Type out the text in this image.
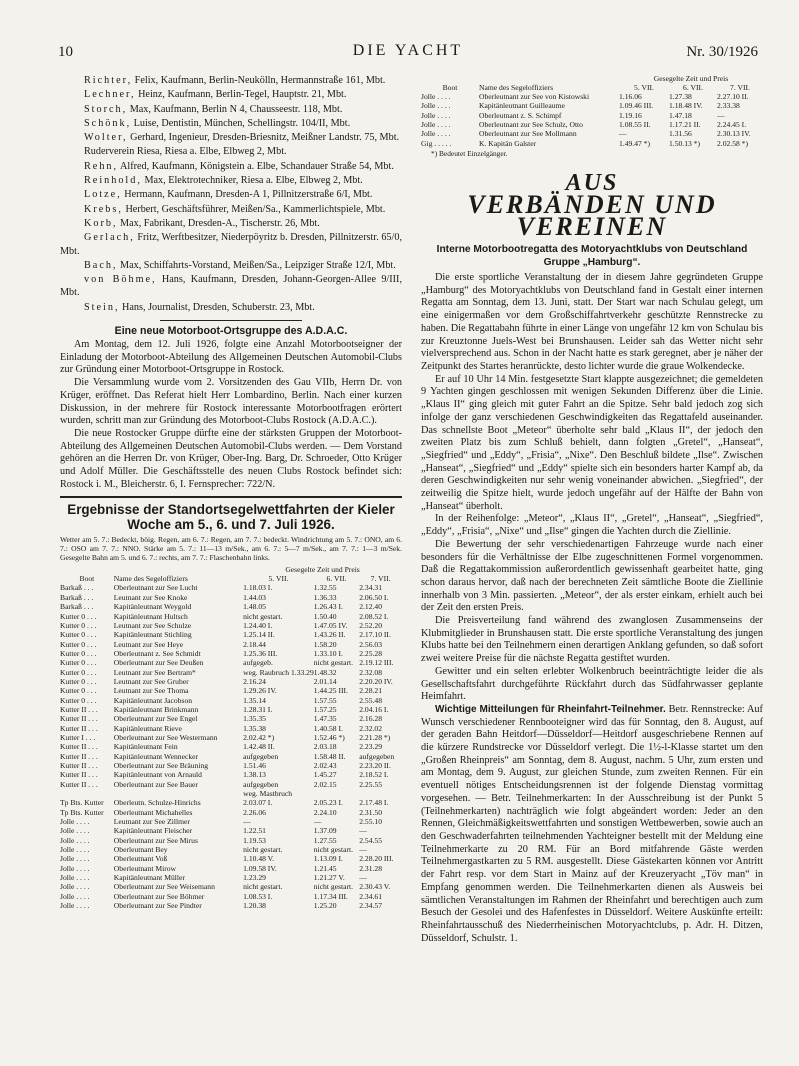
10	DIE YACHT	Nr. 30/1926

Richter, Felix, Kaufmann, Berlin-Neukölln, Hermannstraße 161, Mbt.

Lechner, Heinz, Kaufmann, Berlin-Tegel, Hauptstr. 21, Mbt.

Storch, Max, Kaufmann, Berlin N 4, Chausseestr. 118, Mbt.

Schönk, Luise, Dentistin, München, Schellingstr. 104/II, Mbt.

Wolter, Gerhard, Ingenieur, Dresden-Briesnitz, Meißner Landstr. 75, Mbt.

Ruderverein Riesa, Riesa a. Elbe, Elbweg 2, Mbt.

Rehn, Alfred, Kaufmann, Königstein a. Elbe, Schandauer Straße 54, Mbt.

Reinhold, Max, Elektrotechniker, Riesa a. Elbe, Elbweg 2, Mbt.

Lotze, Hermann, Kaufmann, Dresden-A 1, Pillnitzerstraße 6/I, Mbt.

Krebs, Herbert, Geschäftsführer, Meißen/Sa., Kammerlichtspiele, Mbt.

Korb, Max, Fabrikant, Dresden-A., Tischerstr. 26, Mbt.

Gerlach, Fritz, Werftbesitzer, Niederpöyritz b. Dresden, Pillnitzerstr. 65/0, Mbt.

Bach, Max, Schiffahrts-Vorstand, Meißen/Sa., Leipziger Straße 12/I, Mbt.

von Böhme, Hans, Kaufmann, Dresden, Johann-Georgen-Allee 9/III, Mbt.

Stein, Hans, Journalist, Dresden, Schuberstr. 23, Mbt.

Eine neue Motorboot-Ortsgruppe des A.D.A.C.

Am Montag, dem 12. Juli 1926, folgte eine Anzahl Motorbootseigner der Einladung der Motorboot-Abteilung des Allgemeinen Deutschen Automobil-Clubs zur Gründung einer Motorboot-Ortsgruppe in Rostock.

Die Versammlung wurde vom 2. Vorsitzenden des Gau VIIb, Herrn Dr. von Krüger, eröffnet. Das Referat hielt Herr Lombardino, Berlin. Nach einer kurzen Diskussion, in der mehrere für Rostock interessante Motorbootfragen erörtert wurden, schritt man zur Gründung des Motorboot-Clubs Rostock (A.D.A.C.).

Die neue Rostocker Gruppe dürfte eine der stärksten Gruppen der Motorboot-Abteilung des Allgemeinen Deutschen Automobil-Clubs werden. — Dem Vorstand gehören an die Herren Dr. von Krüger, Ober-Ing. Barg, Dr. Schroeder, Otto Krüger und Adolf Müller. Die Geschäftsstelle des neuen Clubs Rostock befindet sich: Rostock i. M., Bleicherstr. 6, I. Fernsprecher: 722/N.

Ergebnisse der Standortsegelwettfahrten der Kieler
Woche am 5., 6. und 7. Juli 1926.
Wetter am 5. 7.: Bedeckt, böig. Regen, am 6. 7.: Regen, am 7. 7.: bedeckt. Windrichtung am 5. 7.: ONO, am 6. 7.: OSO am 7. 7.: NNO. Stärke am 5. 7.: 11—13 m/Sek., am 6. 7.: 5—7 m/Sek., am 7. 7.: 1—3 m/Sek. Gesegelte Bahn am 5. und 6. 7.: rechts, am 7. 7.: Flaschenbahn links.
		Gesegelte Zeit und Preis		
Boot	Name des Segeloffiziers	5. VII.	6. VII.	7. VII.
Barkaß . . .	Oberleutnant zur See Lucht	1.18.03 I.	1.32.55	2.34.31
Barkaß . . .	Leutnant zur See Knoke	1.44.03	1.36.33	2.06.50 I.
Barkaß . . .	Kapitänleutnant Weygold	1.48.05	1.26.43 I.	2.12.40

Kutter 0 . . .	Kapitänleutnant Hultsch	nicht gestart.	1.50.40	2.08.52 I.
Kutter 0 . . .	Leutnant zur See Schulze	1.24.40 I.	1.47.05 IV.	2.52.20
Kutter 0 . . .	Kapitänleutnant Stichling	1.25.14 II.	1.43.26 II.	2.17.10 II.
Kutter 0 . . .	Leutnant zur See Heye	2.18.44	1.58.20	2.56.03
Kutter 0 . . .	Oberleutnant z. See Schmidt	1.25.36 III.	1.33.10 I.	2.25.28
Kutter 0 . . .	Oberleutnant zur See Deußen	aufgegeb.	nicht gestart.	2.19.12 III.

Kutter 0 . . .	Leutnant zur See Bertram*	weg. Raubruch 1.33.29	1.48.32	2.32.08
Kutter 0 . . .	Leutnant zur See Gruber	2.16.24	2.01.14	2.20.20 IV.
Kutter 0 . . .	Leutnant zur See Thoma	1.29.26 IV.	1.44.25 III.	2.28.21
Kutter 0 . . .	Kapitänleutnant Jacobson	1.35.14	1.57.55	2.55.48

Kutter II . . .	Kapitänleutnant Brinkmann	1.28.31 I.	1.57.25	2.04.16 I.
Kutter II . . .	Oberleutnant zur See Engel	1.35.35	1.47.35	2.16.28
Kutter II . . .	Kapitänleutnant Rieve	1.35.38	1.40.58 I.	2.32.02
Kutter I . . .	Oberleutnant zur See Westermann	2.02.42 *)	1.52.46 *)	2.21.28 *)
Kutter II . . .	Kapitänleutnant Fein	1.42.48 II.	2.03.18	2.23.29
Kutter II . . .	Kapitänleutnant Wennecker	aufgegeben	1.58.48 II.	aufgegeben
Kutter II . . .	Oberleutnant zur See Bräuning	1.51.46	2.02.43	2.23.20 II.
Kutter II . . .	Kapitänleutnant von Arnauld	1.38.13	1.45.27	2.18.52 I.
Kutter II . . .	Oberleutnant zur See Bauer	aufgegeben	2.02.15	2.25.55
		weg. Mastbruch		
Tp Bts. Kutter	Oberleutn. Schulze-Hinrichs	2.03.07 I.	2.05.23 I.	2.17.48 I.
Tp Bts. Kutter	Oberleutnant Michahelles	2.26.06	2.24.10	2.31.50
Jolle . . . .	Leutnant zur See Zillmer	—	—	2.55.10
Jolle . . . .	Kapitänleutnant Fleischer	1.22.51	1.37.09	—
Jolle . . . .	Oberleutnant zur See Mirus	1.19.53	1.27.55	2.54.55
Jolle . . . .	Oberleutnant Bey	nicht gestart.	nicht gestart.	—
Jolle . . . .	Oberleutnant Voß	1.10.48 V.	1.13.09 I.	2.28.20 III.
Jolle . . . .	Oberleutnant Mirow	1.09.58 IV.	1.21.45	2.31.28
Jolle . . . .	Kapitänleutnant Müller	1.23.29	1.21.27 V.	—
Jolle . . . .	Oberleutnant zur See Weisemann	nicht gestart.	nicht gestart.	2.30.43 V.
Jolle . . . .	Oberleutnant zur See Böhmer	1.08.53 I.	1.17.34 III.	2.34.61
Jolle . . . .	Oberleutnant zur See Pindter	1.20.38	1.25.20	2.34.57
		Gesegelte Zeit und Preis		
Boot	Name des Segeloffiziers	5. VII.	6. VII.	7. VII.
Jolle . . . .	Oberleutnant zur See von Kistowski	1.16.06	1.27.38	2.27.10 II.
Jolle . . . .	Kapitänleutnant Guilleaume	1.09.46 III.	1.18.48 IV.	2.33.38
Jolle . . . .	Oberleutnant z. S. Schimpf	1.19.16	1.47.18	—
Jolle . . . .	Oberleutnant zur See Schulz, Otto	1.08.55 II.	1.17.21 II.	2.24.45 I.
Jolle . . . .	Oberleutnant zur See Mollmann	—	1.31.56	2.30.13 IV.

Gig . . . . .	K. Kapitän Galster	1.49.47 *)	1.50.13 *)	2.02.58 *)
*) Bedeutet Einzelgänger.
AUS
VERBÄNDEN UND VEREINEN
Interne Motorbootregatta des Motoryachtklubs von Deutschland
Gruppe „Hamburg“.

Die erste sportliche Veranstaltung der in diesem Jahre gegründeten Gruppe „Hamburg“ des Motoryachtklubs von Deutschland fand in Gestalt einer internen Regatta am Sonntag, dem 13. Juni, statt. Der Start war nach Schulau gelegt, um eine einigermaßen vor dem Großschiffahrtverkehr geschützte Rennstrecke zu haben. Die Regattabahn führte in einer Länge von ungefähr 12 km von Schulau bis zur Kreuztonne Juels-West bei Brunshausen. Leider sah das Wetter nicht sehr vielversprechend aus. Schon in der Nacht hatte es stark geregnet, aber je näher der Zeitpunkt des Startes heranrückte, desto lichter wurde die graue Wolkendecke.

Er auf 10 Uhr 14 Min. festgesetzte Start klappte ausgezeichnet; die gemeldeten 9 Yachten gingen geschlossen mit wenigen Sekunden Differenz über die Linie. „Klaus II“ ging gleich mit guter Fahrt an die Spitze. Sehr bald jedoch zog sich infolge der ganz verschiedenen Geschwindigkeiten das Regattafeld auseinander. Das schnellste Boot „Meteor“ überholte sehr bald „Klaus II“, der jedoch den zweiten Platz bis zum Schluß behielt, dann folgten „Gretel“, „Hanseat“, „Siegfried“ und „Eddy“, „Frisia“, „Nixe“. Den Beschluß bildete „Ilse“. Zwischen „Hanseat“, „Siegfried“ und „Eddy“ spielte sich ein besonders harter Kampf ab, da deren Geschwindigkeiten nur sehr wenig voneinander abwichen. „Siegfried“, der zeitweilig die Spitze hielt, wurde jedoch ungefähr auf der Hälfte der Bahn von „Hanseat“ überholt.

In der Reihenfolge: „Meteor“, „Klaus II“, „Gretel“, „Hanseat“, „Siegfried“, „Eddy“, „Frisia“, „Nixe“ und „Ilse“ gingen die Yachten durch die Ziellinie.

Die Bewertung der sehr verschiedenartigen Fahrzeuge wurde nach einer besonders für die Verhältnisse der Elbe zugeschnittenen Formel vorgenommen. Daß die Regattakommission außerordentlich gewissenhaft gearbeitet hatte, ging schon daraus hervor, daß nach der berechneten Zeit sämtliche Boote die Ziellinie innerhalb von 3 Min. passierten. „Meteor“, der als erster einkam, erhielt auch bei der Zeit den ersten Preis.

Die Preisverteilung fand während des zwanglosen Zusammenseins der Klubmitglieder in Brunshausen statt. Die erste sportliche Veranstaltung des jungen Klubs hatte bei den Teilnehmern einen derartigen Anklang gefunden, so daß sofort zwei weitere Preise für die nächste Regatta gestiftet wurden.

Gewitter und ein selten erlebter Wolkenbruch beeinträchtigte leider die als Gesellschaftsfahrt durchgeführte Rückfahrt durch das Südfahrwasser geplante Heimfahrt.

Wichtige Mitteilungen für Rheinfahrt-Teilnehmer. Betr. Rennstrecke: Auf Wunsch verschiedener Rennbooteigner wird das für Sonntag, den 8. August, auf der geraden Bahn Heitdorf—Düsseldorf—Heitdorf ausgeschriebene Rennen auf die kürzere Rundstrecke vor Düsseldorf verlegt. Die 1½-l-Klasse startet um den „Großen Rheinpreis“ am Sonntag, dem 8. August, nachm. 5 Uhr, zum ersten und am Montag, dem 9. August, zur gleichen Stunde, zum zweiten Rennen. Für ein eventuell nötiges Entscheidungsrennen ist der folgende Dienstag vormittag vorgesehen. — Betr. Teilnehmerkarten: In der Ausschreibung ist der Punkt 5 (Teilnehmerkarten) nachträglich wie folgt abgeändert worden: Jeder an den Rennen, Gleichmäßigkeitswettfahrten und sonstigen Wettbewerben, sowie auch an den Geschwaderfahrten teilnehmenden Yachteigner bestellt mit der Meldung eine Teilnehmerkarte zu 20 RM. Für an Bord mitfahrende Gäste werden Teilnehmergastkarten zu 5 RM. ausgestellt. Diese Gästekarten können vor Antritt der Fahrt resp. vor dem Start in Mainz auf der Kreuzeryacht „Töv man“ in Empfang genommen werden. Die Teilnehmerkarten dienen als Ausweis bei sämtlichen Veranstaltungen im Rahmen der Rheinfahrt und berechtigen auch zum Besuch der Gesolei und des Hafenfestes in Düsseldorf. Weitere Auskünfte erteilt: Rheinfahrtausschuß des Niederrheinischen Motoryachtclubs, p. Adr. H. Ditzen, Düsseldorf, Schulstr. 1.
